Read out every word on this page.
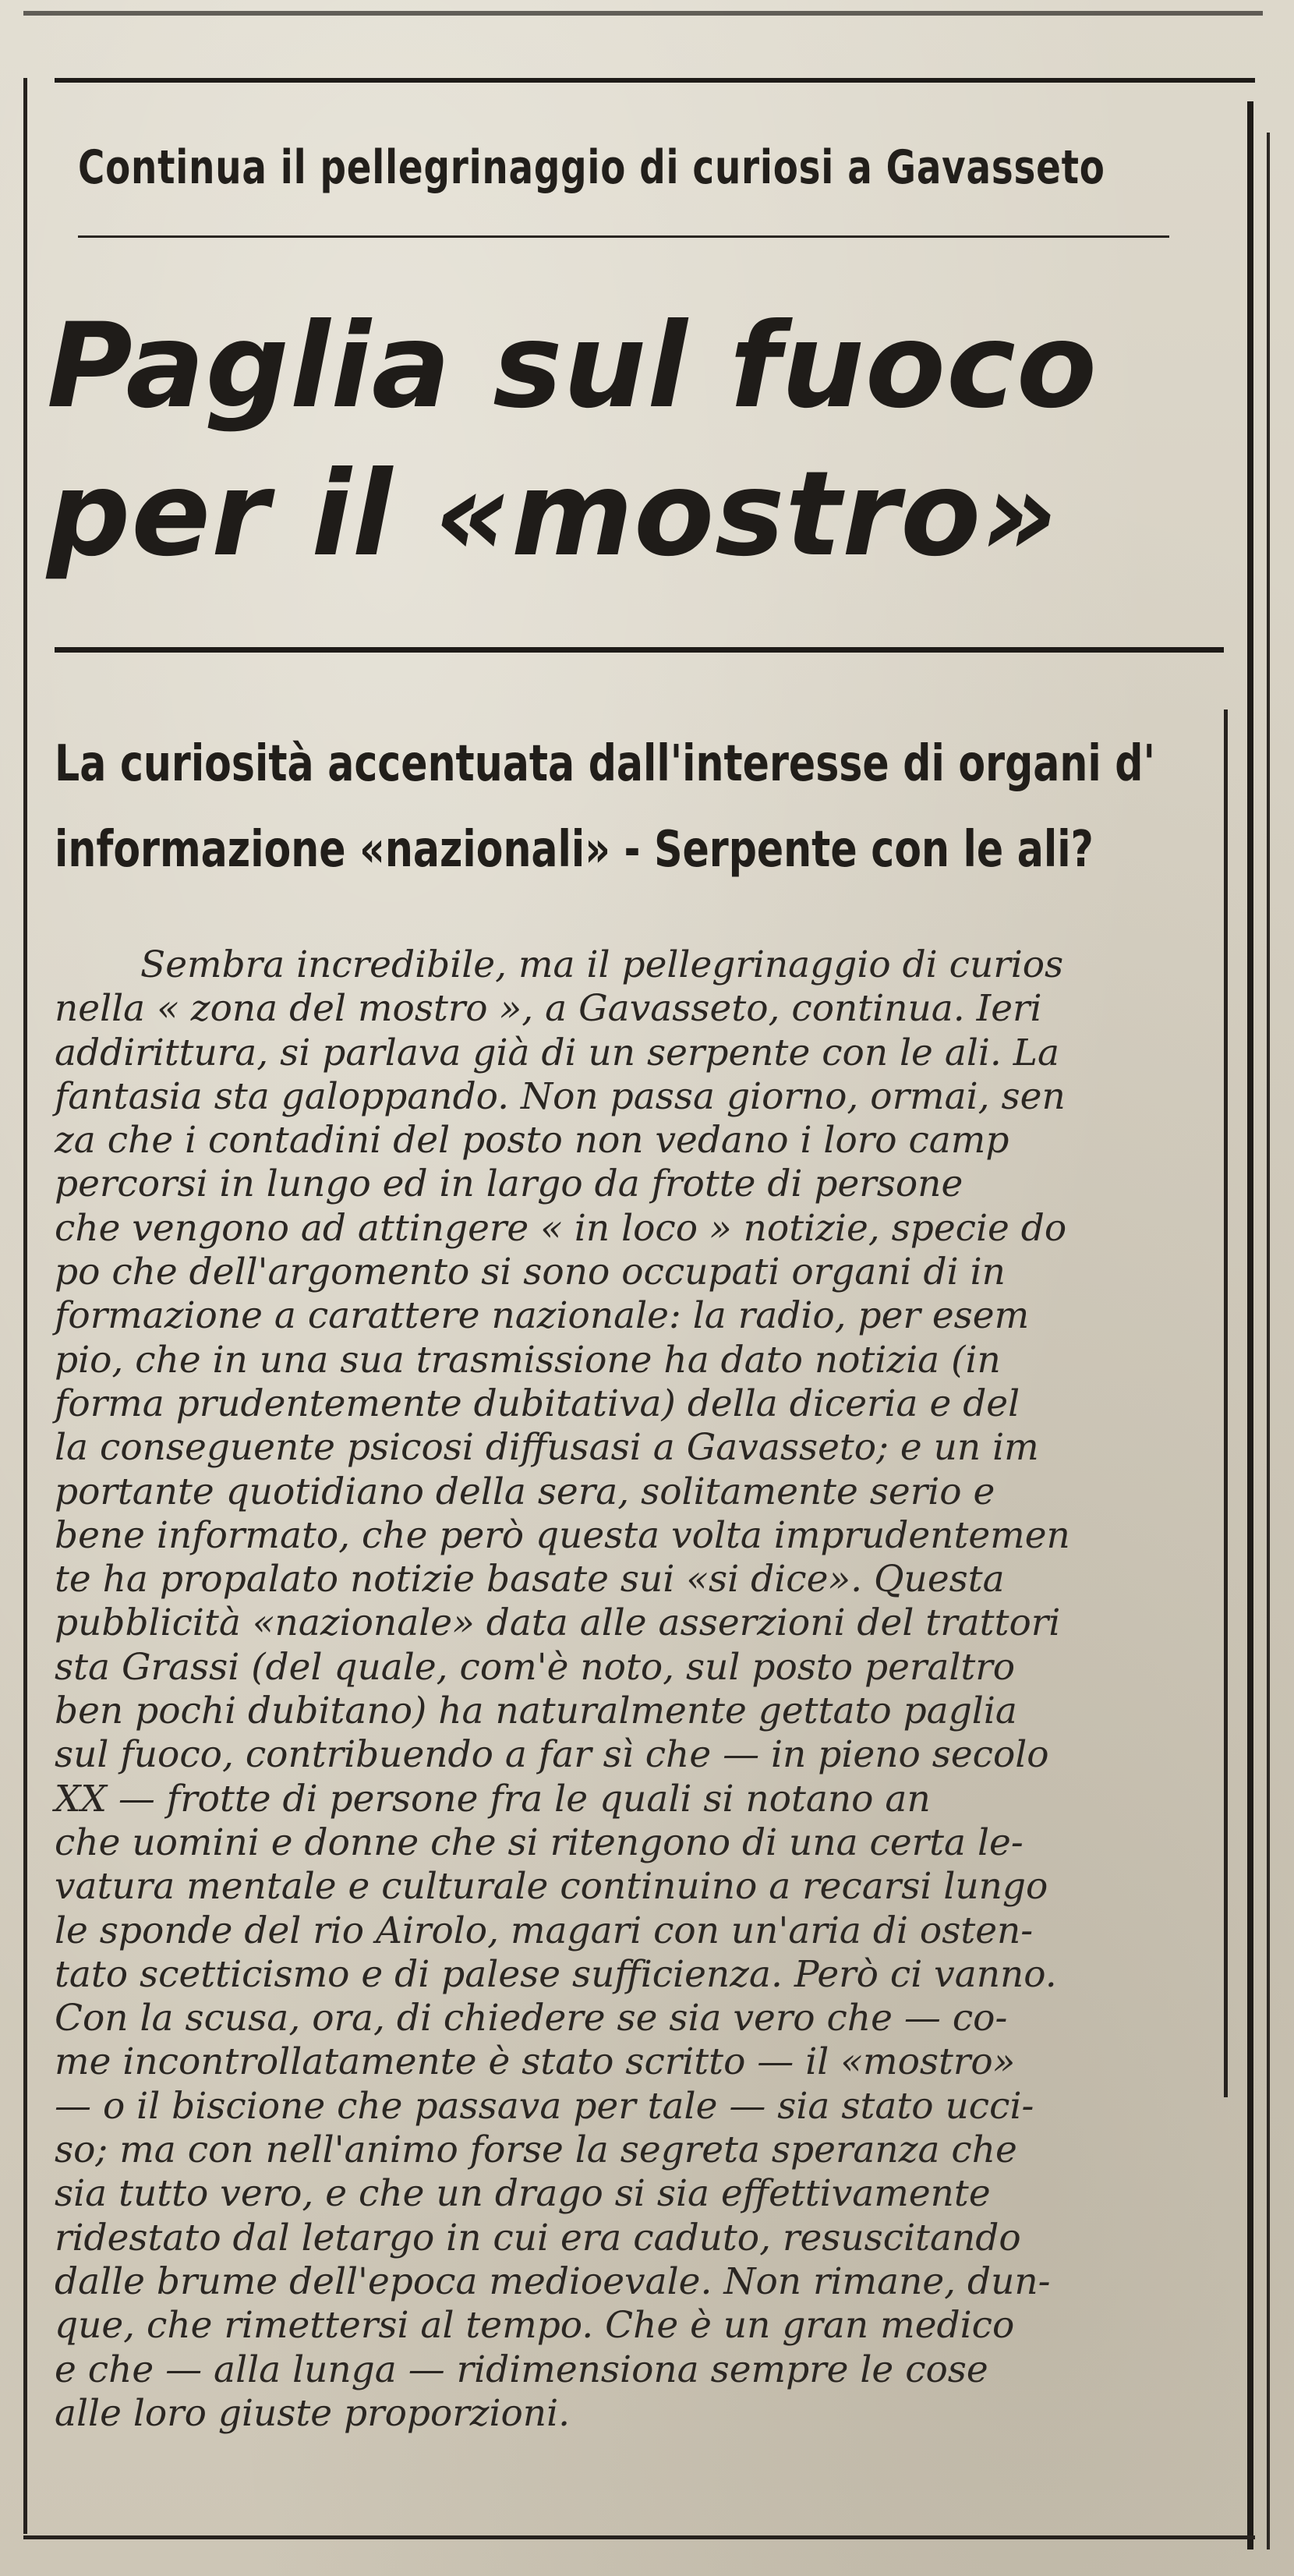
Continua il pellegrinaggio di curiosi a Gavasseto
Paglia sul fuoco
per il «mostro»
La curiosità accentuata dall'interesse di organi d'
informazione «nazionali» - Serpente con le ali?
Sembra incredibile, ma il pellegrinaggio di curios
nella « zona del mostro », a Gavasseto, continua. Ieri
addirittura, si parlava già di un serpente con le ali. La
fantasia sta galoppando. Non passa giorno, ormai, sen
za che i contadini del posto non vedano i loro camp
percorsi in lungo ed in largo da frotte di persone
che vengono ad attingere « in loco » notizie, specie do
po che dell'argomento si sono occupati organi di in
formazione a carattere nazionale: la radio, per esem
pio, che in una sua trasmissione ha dato notizia (in
forma prudentemente dubitativa) della diceria e del
la conseguente psicosi diffusasi a Gavasseto; e un im
portante quotidiano della sera, solitamente serio e
bene informato, che però questa volta imprudentemen
te ha propalato notizie basate sui «si dice». Questa
pubblicità «nazionale» data alle asserzioni del trattori
sta Grassi (del quale, com'è noto, sul posto peraltro
ben pochi dubitano) ha naturalmente gettato paglia
sul fuoco, contribuendo a far sì che — in pieno secolo
XX — frotte di persone fra le quali si notano an
che uomini e donne che si ritengono di una certa le-
vatura mentale e culturale continuino a recarsi lungo
le sponde del rio Airolo, magari con un'aria di osten-
tato scetticismo e di palese sufficienza. Però ci vanno.
Con la scusa, ora, di chiedere se sia vero che — co-
me incontrollatamente è stato scritto — il «mostro»
— o il biscione che passava per tale — sia stato ucci-
so; ma con nell'animo forse la segreta speranza che
sia tutto vero, e che un drago si sia effettivamente
ridestato dal letargo in cui era caduto, resuscitando
dalle brume dell'epoca medioevale. Non rimane, dun-
que, che rimettersi al tempo. Che è un gran medico
e che — alla lunga — ridimensiona sempre le cose
alle loro giuste proporzioni.
